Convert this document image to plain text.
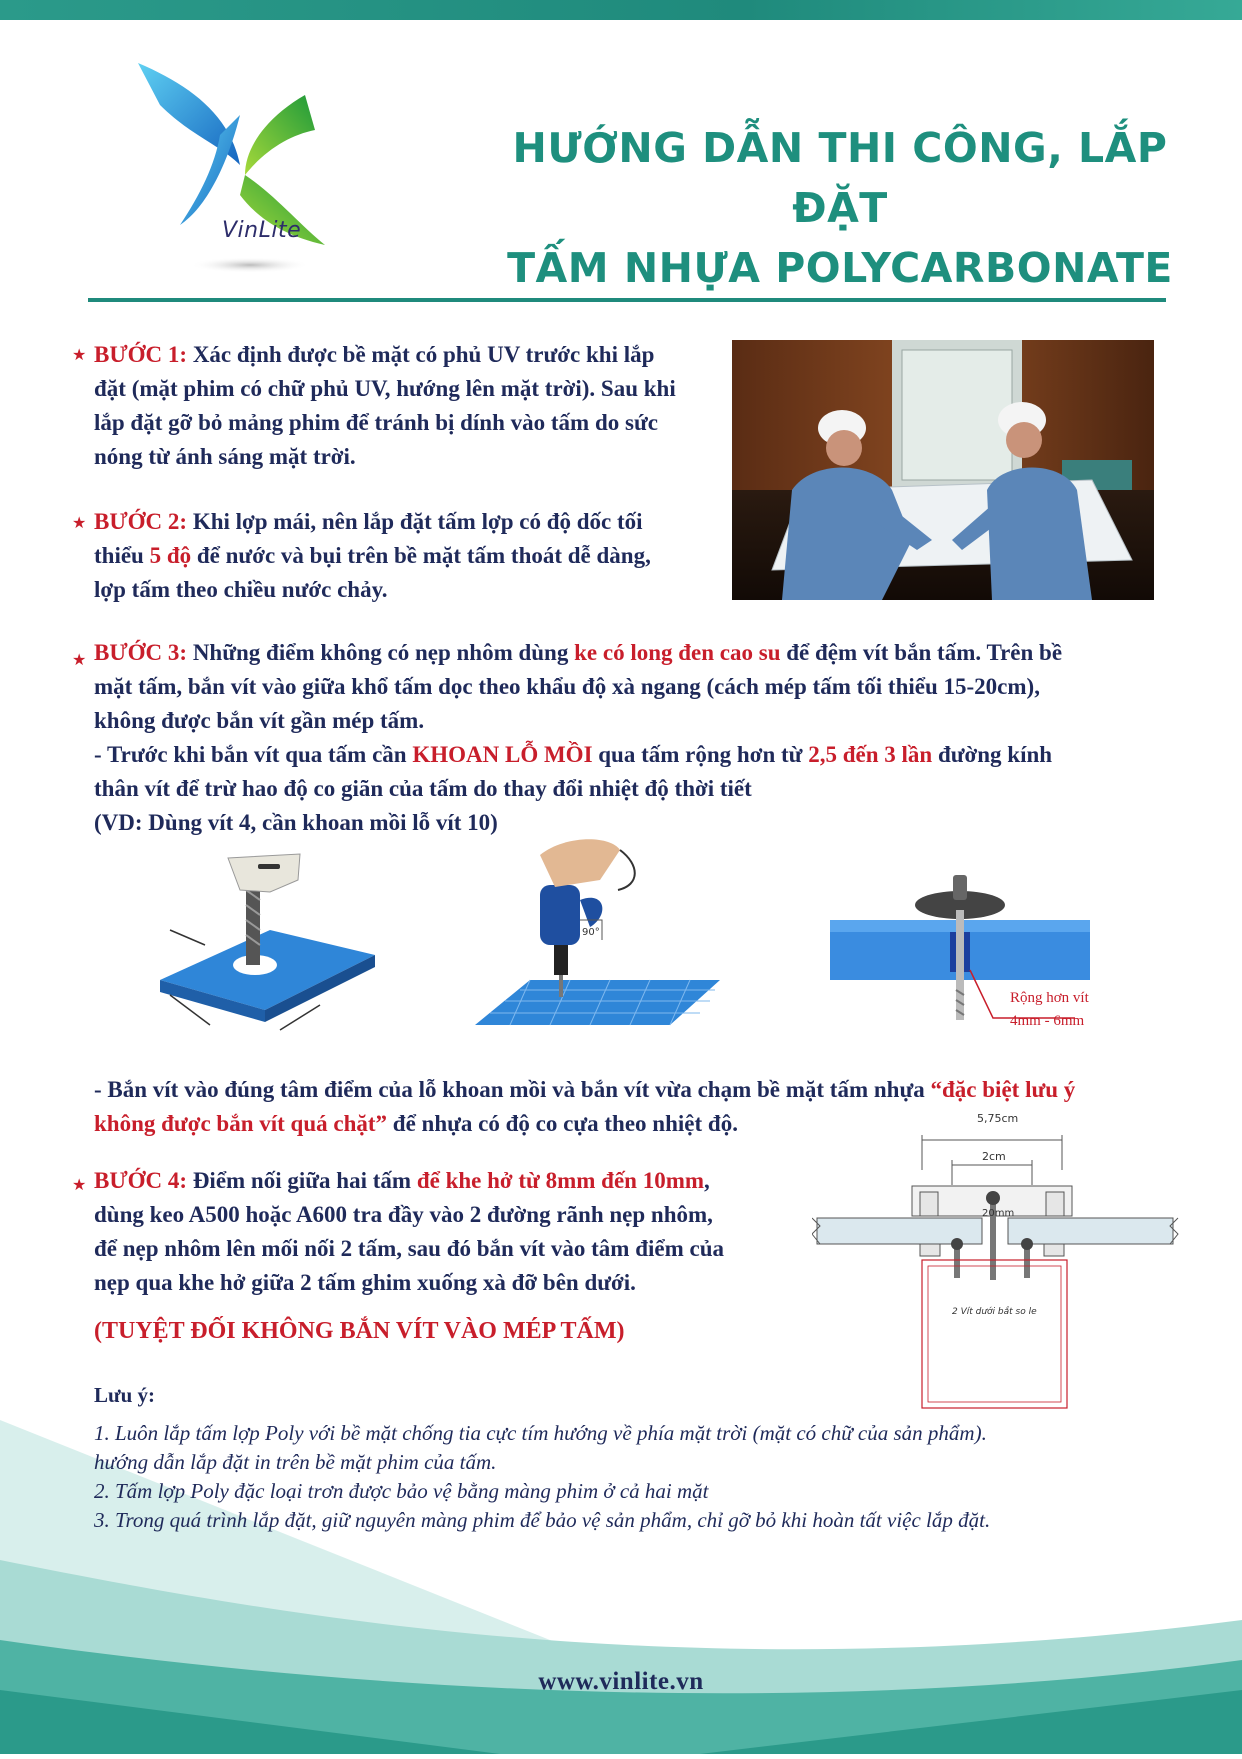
VinLite
HƯỚNG DẪN THI CÔNG, LẮP ĐẶT
TẤM NHỰA POLYCARBONATE
★ BƯỚC 1: Xác định được bề mặt có phủ UV trước khi lắp
đặt (mặt phim có chữ phủ UV, hướng lên mặt trời). Sau khi
lắp đặt gỡ bỏ mảng phim để tránh bị dính vào tấm do sức
nóng từ ánh sáng mặt trời.
★ BƯỚC 2: Khi lợp mái, nên lắp đặt tấm lợp có độ dốc tối
thiểu 5 độ để nước và bụi trên bề mặt tấm thoát dễ dàng,
lợp tấm theo chiều nước chảy.
★ BƯỚC 3: Những điểm không có nẹp nhôm dùng ke có long đen cao su để đệm vít bắn tấm. Trên bề
mặt tấm, bắn vít vào giữa khổ tấm dọc theo khẩu độ xà ngang (cách mép tấm tối thiểu 15-20cm),
không được bắn vít gần mép tấm.
- Trước khi bắn vít qua tấm cần KHOAN LỖ MỒI qua tấm rộng hơn từ 2,5 đến 3 lần đường kính
thân vít để trừ hao độ co giãn của tấm do thay đổi nhiệt độ thời tiết
(VD: Dùng vít 4, cần khoan mồi lỗ vít 10)
90°
Rộng hơn vít
4mm - 6mm
- Bắn vít vào đúng tâm điểm của lỗ khoan mồi và bắn vít vừa chạm bề mặt tấm nhựa “đặc biệt lưu ý
không được bắn vít quá chặt” để nhựa có độ co cựa theo nhiệt độ.
★ BƯỚC 4: Điểm nối giữa hai tấm để khe hở từ 8mm đến 10mm,
dùng keo A500 hoặc A600 tra đầy vào 2 đường rãnh nẹp nhôm,
để nẹp nhôm lên mối nối 2 tấm, sau đó bắn vít vào tâm điểm của
nẹp qua khe hở giữa 2 tấm ghim xuống xà đỡ bên dưới.
5,75cm
2cm
20mm
2 Vít dưới bắt so le
(TUYỆT ĐỐI KHÔNG BẮN VÍT VÀO MÉP TẤM)
Lưu ý:
1. Luôn lắp tấm lợp Poly với bề mặt chống tia cực tím hướng về phía mặt trời (mặt có chữ của sản phẩm).
hướng dẫn lắp đặt in trên bề mặt phim của tấm.
2. Tấm lợp Poly đặc loại trơn được bảo vệ bằng màng phim ở cả hai mặt
3. Trong quá trình lắp đặt, giữ nguyên màng phim để bảo vệ sản phẩm, chỉ gỡ bỏ khi hoàn tất việc lắp đặt.
www.vinlite.vn
